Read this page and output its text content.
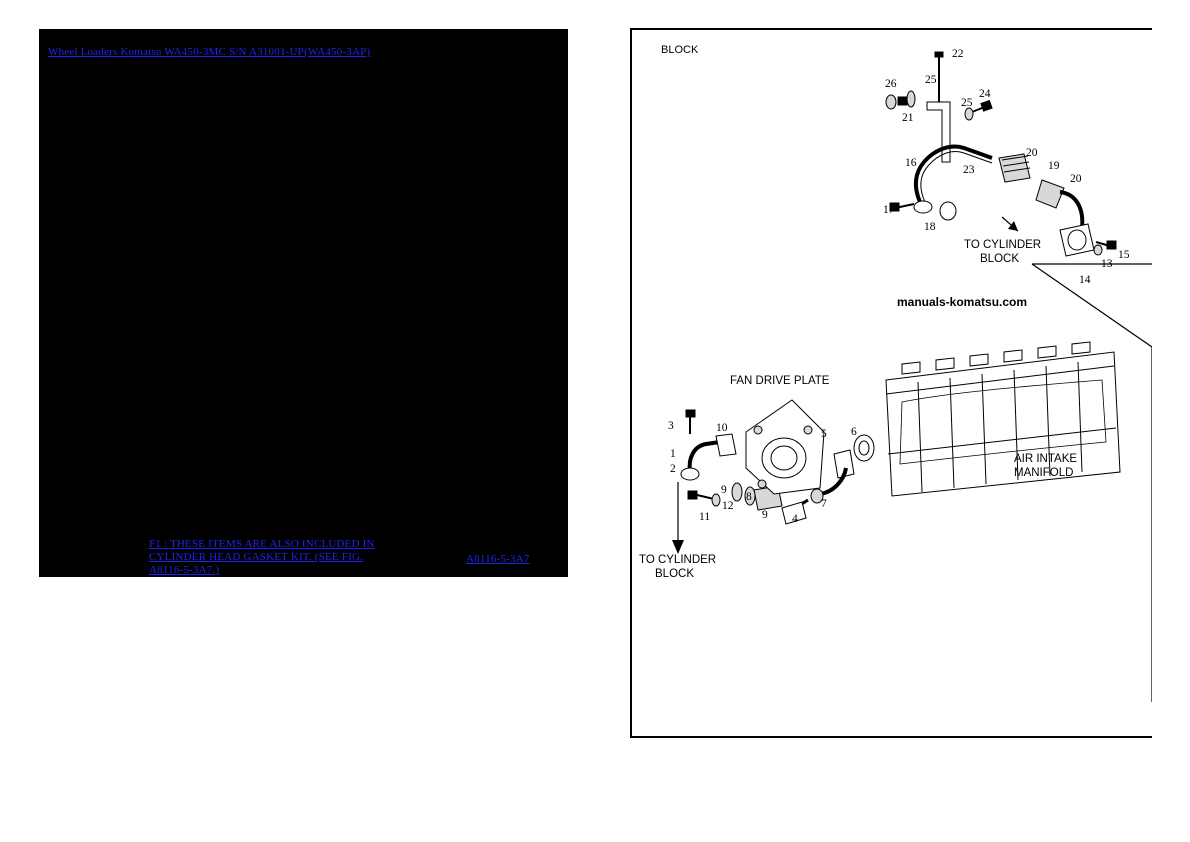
Wheel Loaders Komatsu WA450-3MC S/N A31001-UP(WA450-3AP)
F1 : THESE ITEMS ARE ALSO INCLUDED IN CYLINDER HEAD GASKET KIT. (SEE FIG. A8116-5-3A7.)
A8116-5-3A7
manuals-komatsu.com
BLOCK
TO CYLINDER
BLOCK
FAN DRIVE PLATE
AIR INTAKE
MANIFOLD
TO CYLINDER
BLOCK
1
2
3
4
5 6
7
8
9
9
10
11
12
13
14
15
16
17
18
19
20
20
21
22
23
24
25
25
26
